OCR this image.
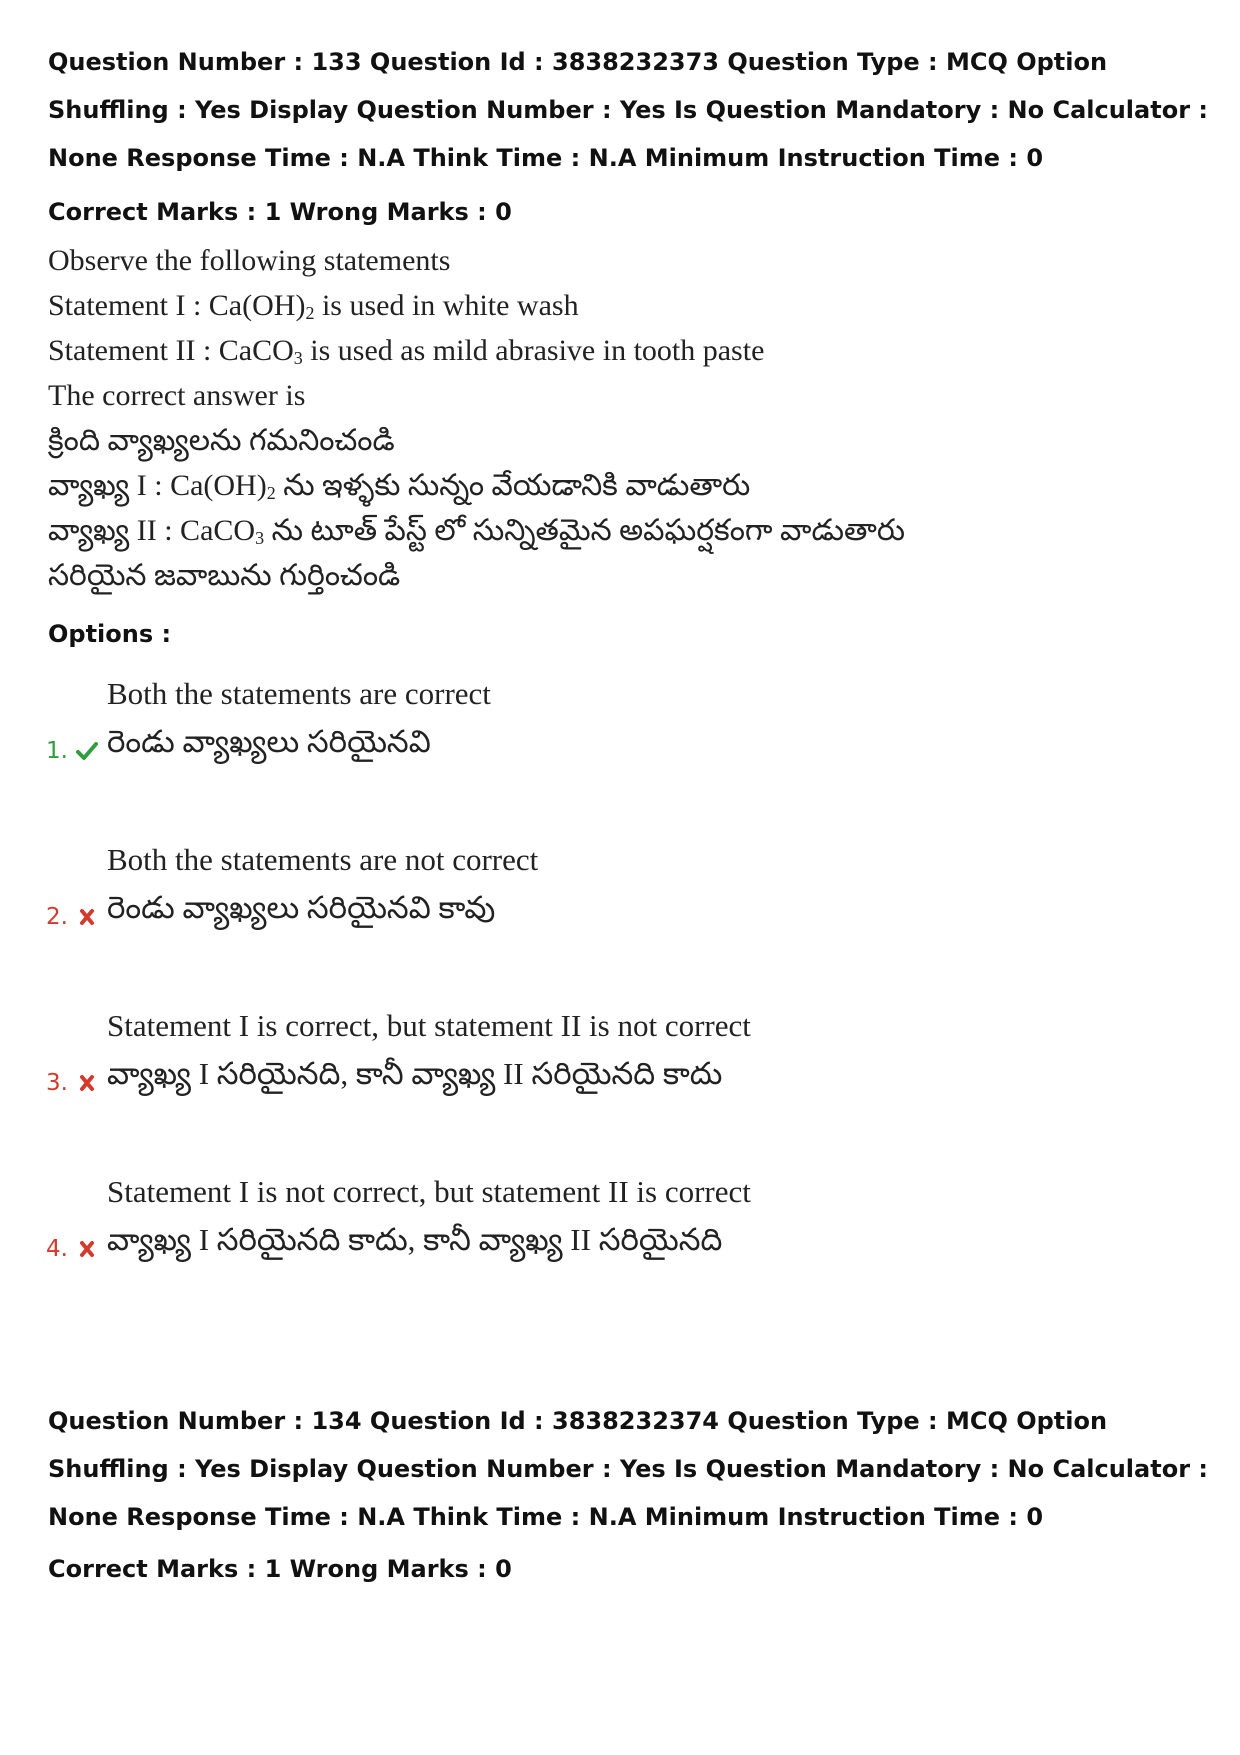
Question Number : 133 Question Id : 3838232373 Question Type : MCQ Option Shuffling : Yes Display Question Number : Yes Is Question Mandatory : No Calculator : None Response Time : N.A Think Time : N.A Minimum Instruction Time : 0
Correct Marks : 1 Wrong Marks : 0
Observe the following statements
Statement I : $Ca(OH)_2$ is used in white wash
Statement II : CaCO$_3$ is used as mild abrasive in tooth paste
The correct answer is
క్రింది వ్యాఖ్యలను గమనించండి
వ్యాఖ్య I : $Ca(OH)_2$ ను ఇళ్ళకు సున్నం వేయడానికి వాడుతారు
వ్యాఖ్య II : CaCO$_3$ ను టూత్ పేస్ట్ లో సున్నితమైన అపఘర్షకంగా వాడుతారు
సరియైన జవాబును గుర్తించండి
Options :
1.
Both the statements are correct
రెండు వ్యాఖ్యలు సరియైనవి
2.
Both the statements are not correct
రెండు వ్యాఖ్యలు సరియైనవి కావు
3.
Statement I is correct, but statement II is not correct
వ్యాఖ్య I సరియైనది, కానీ వ్యాఖ్య II సరియైనది కాదు
4.
Statement I is not correct, but statement II is correct
వ్యాఖ్య I సరియైనది కాదు, కానీ వ్యాఖ్య II సరియైనది
Question Number : 134 Question Id : 3838232374 Question Type : MCQ Option Shuffling : Yes Display Question Number : Yes Is Question Mandatory : No Calculator : None Response Time : N.A Think Time : N.A Minimum Instruction Time : 0
Correct Marks : 1 Wrong Marks : 0
